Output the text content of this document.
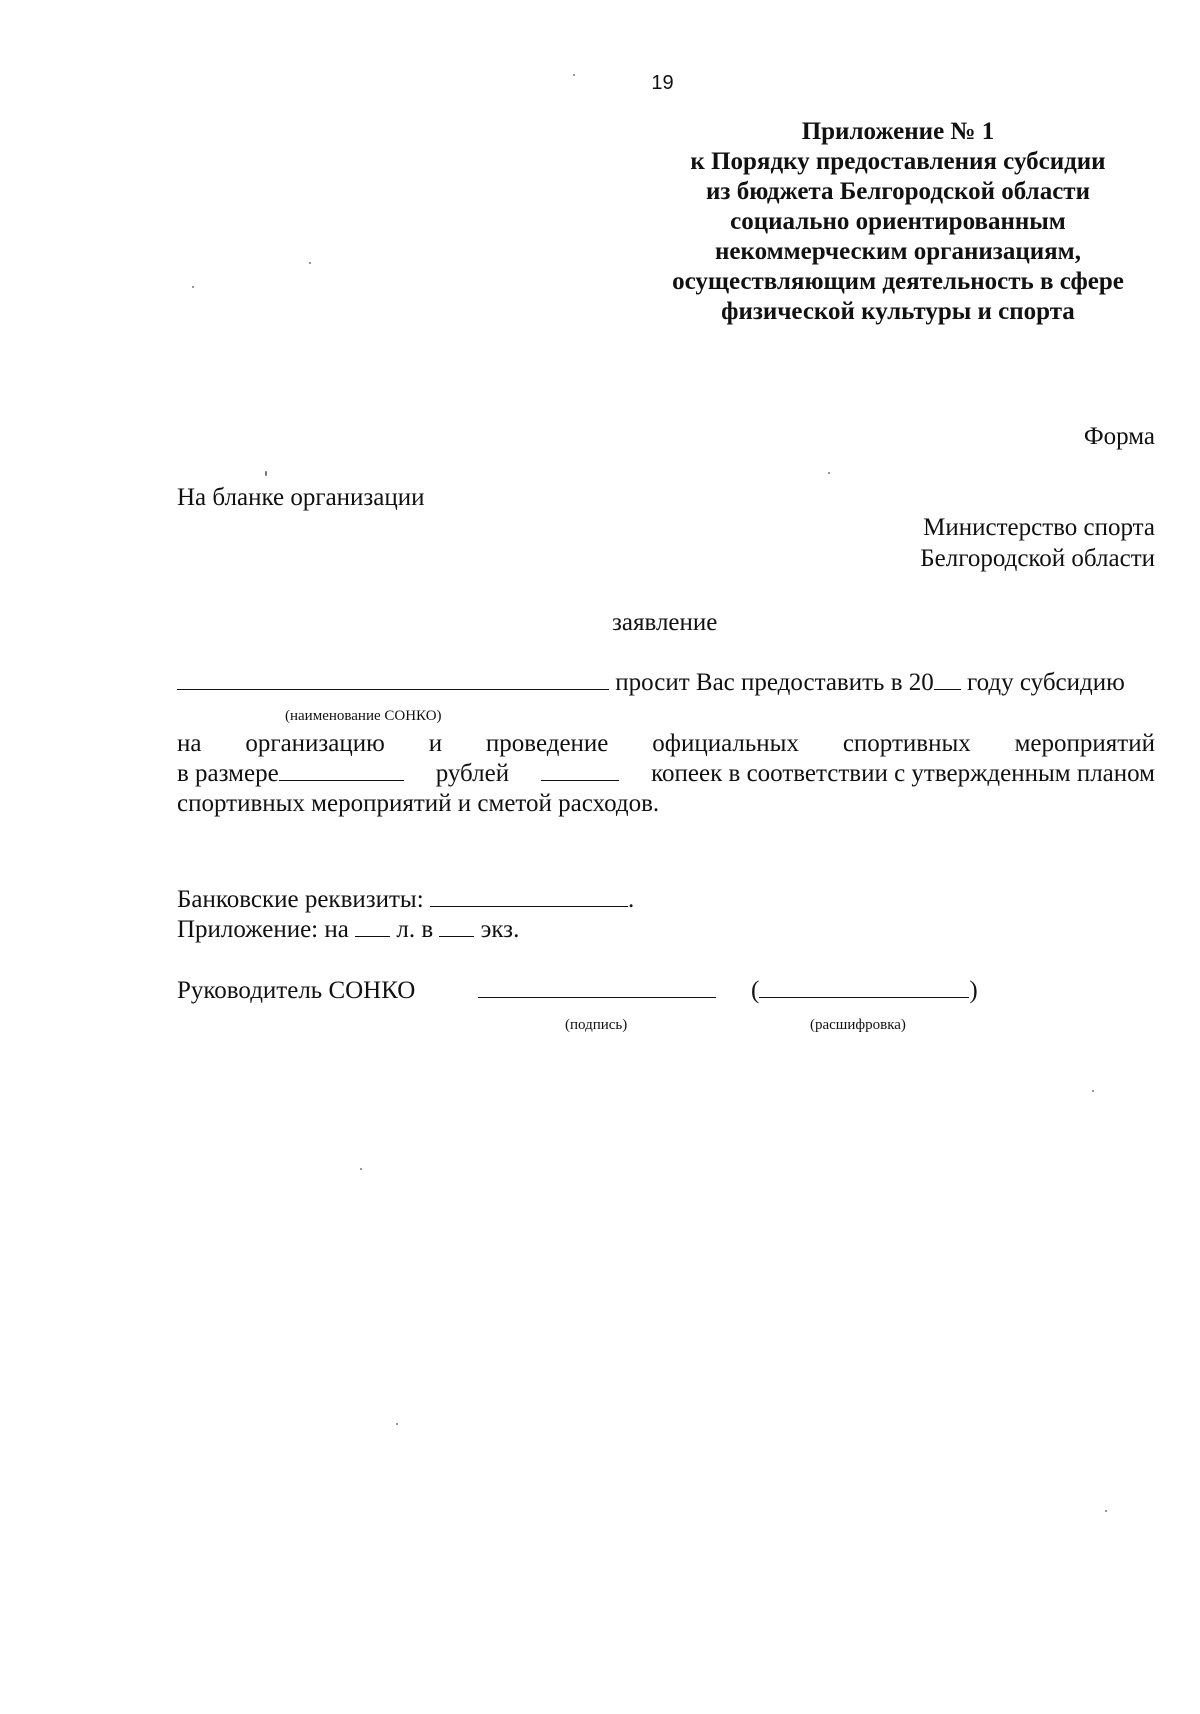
19
Приложение № 1
к Порядку предоставления субсидии
из бюджета Белгородской области
социально ориентированным
некоммерческим организациям,
осуществляющим деятельность в сфере
физической культуры и спорта
Форма
На бланке организации
Министерство спорта
Белгородской области
заявление
просит Вас предоставить в 20 году субсидию
(наименование СОНКО)
на организацию и проведение официальных спортивных мероприятий
в размере	рублей	копеек в соответствии с утвержденным планом
спортивных мероприятий и сметой расходов.
Банковские реквизиты:	.
Приложение: на л. в экз.
Руководитель СОНКО	(	)
(подпись)	(расшифровка)
